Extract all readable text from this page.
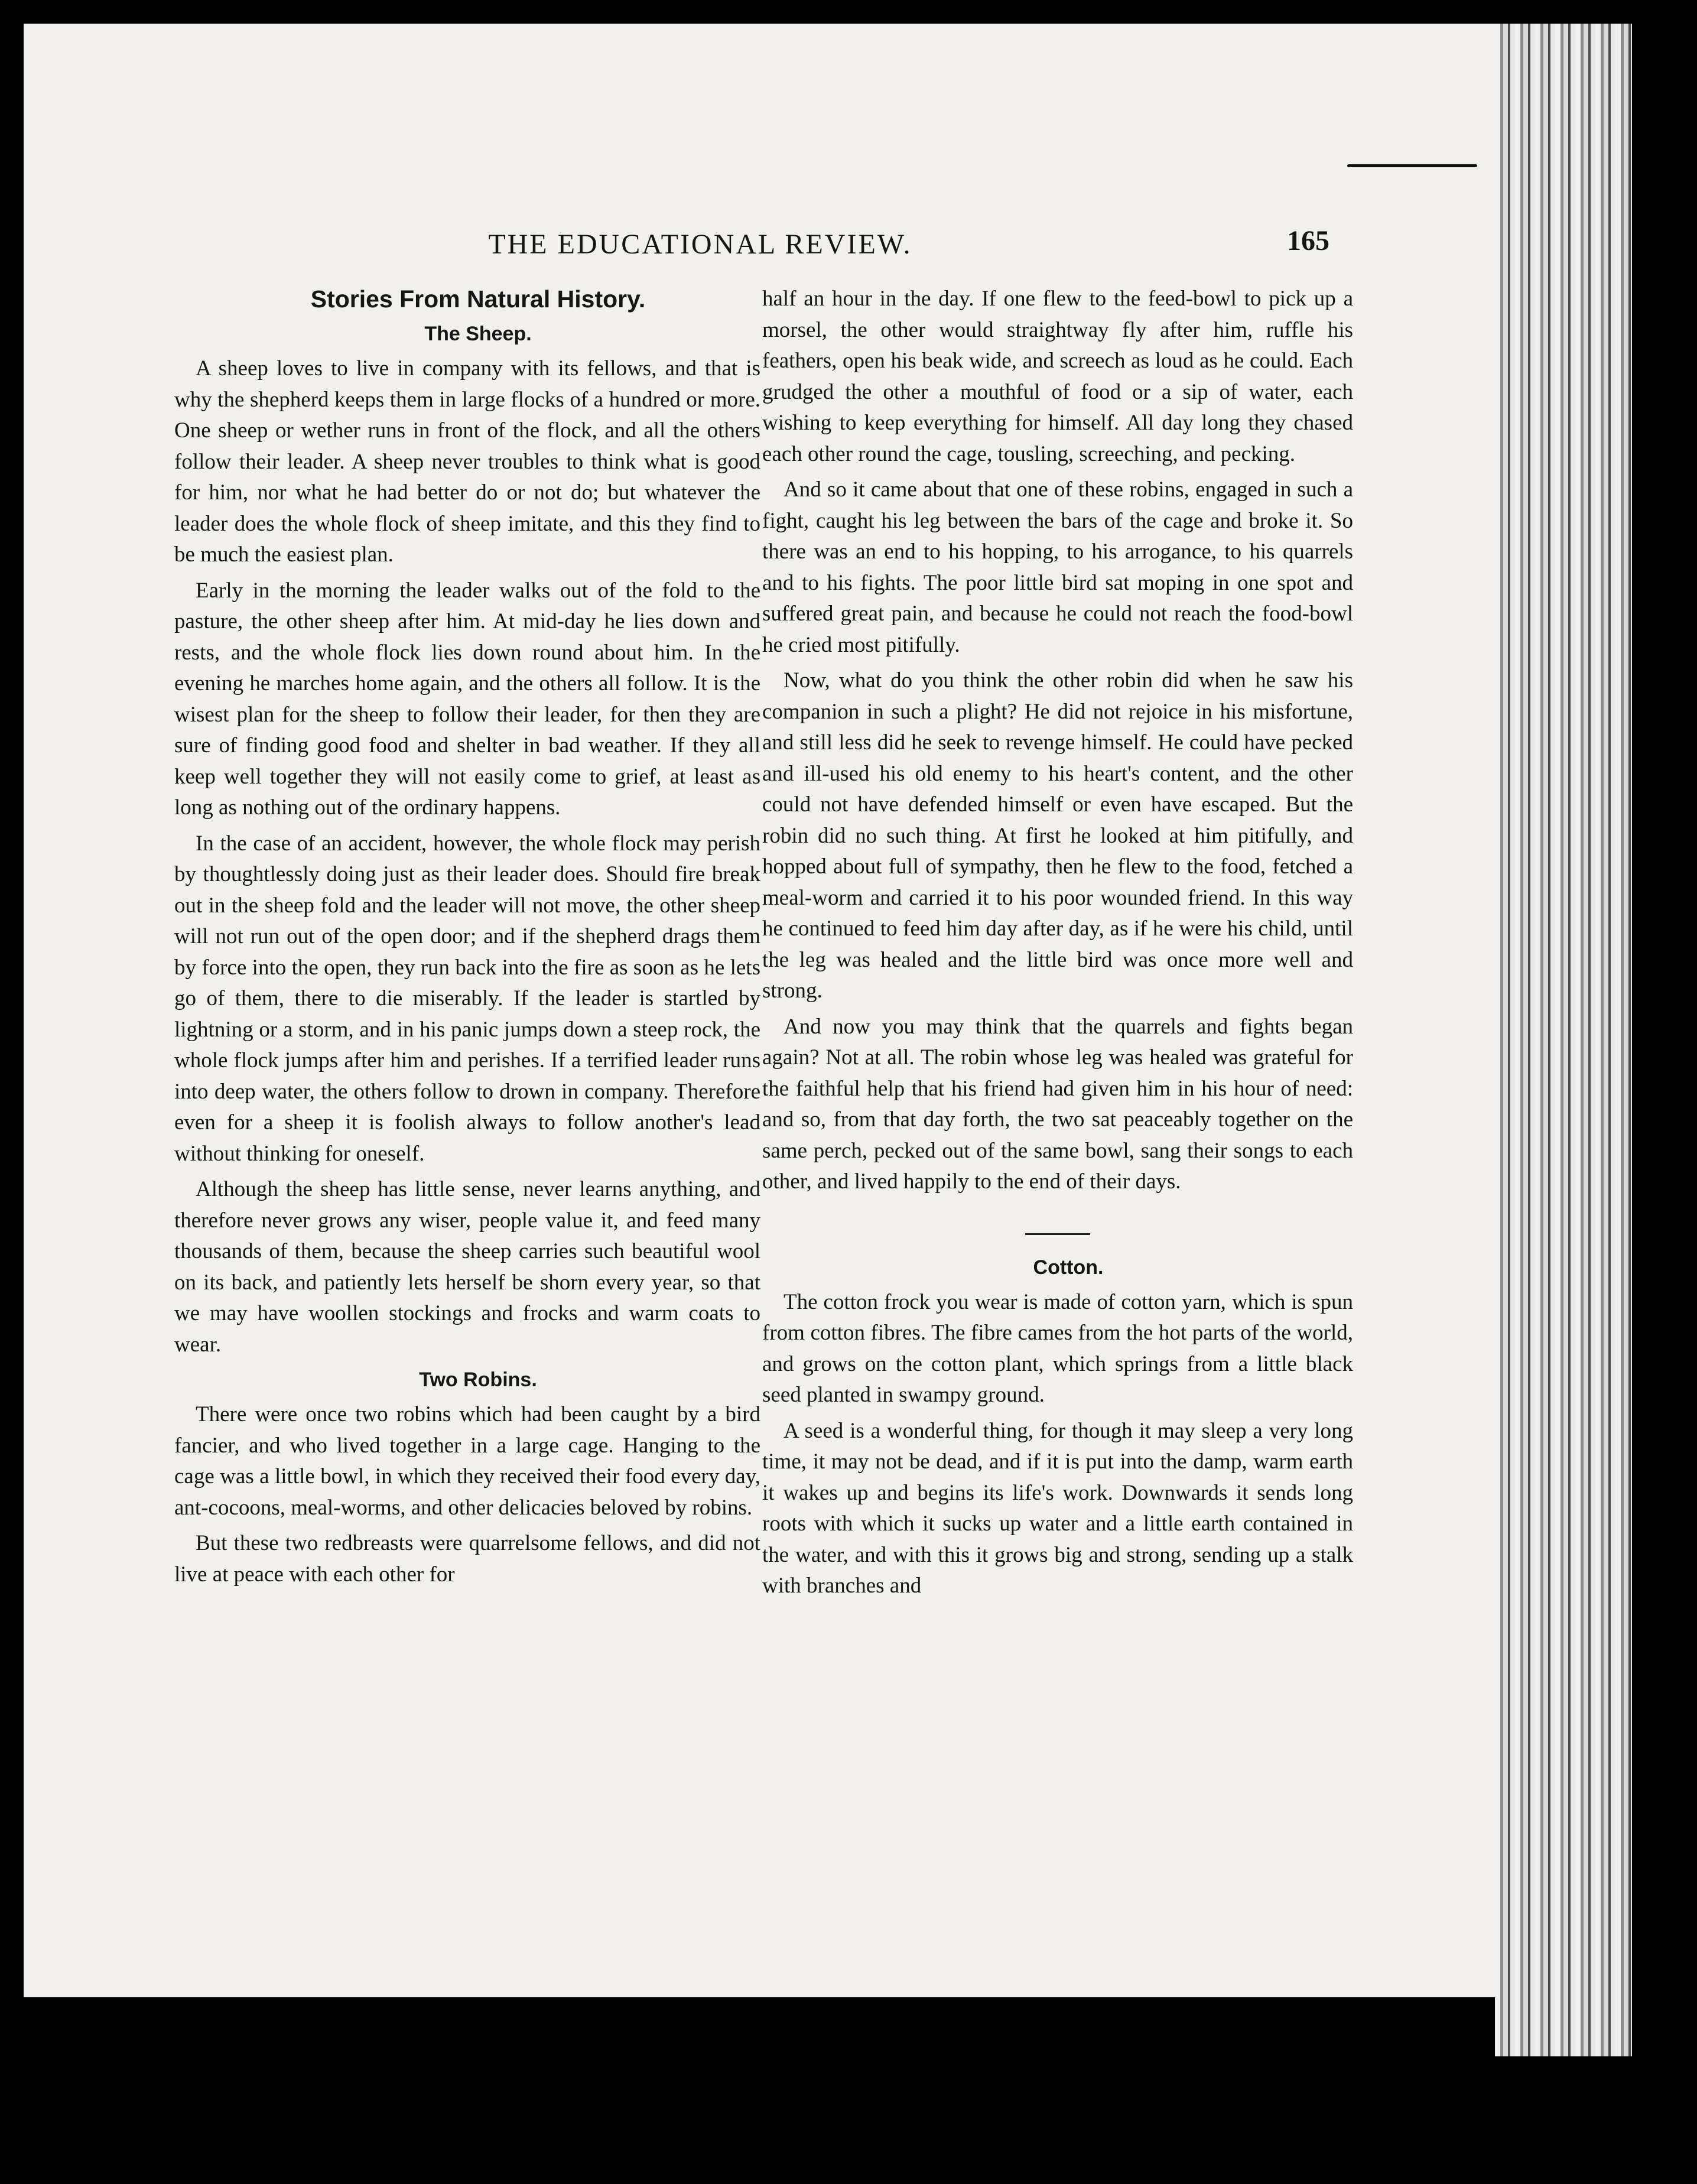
THE EDUCATIONAL REVIEW.	165

Stories From Natural History.

The Sheep.

A sheep loves to live in company with its fellows, and that is why the shepherd keeps them in large flocks of a hundred or more. One sheep or wether runs in front of the flock, and all the others follow their leader. A sheep never troubles to think what is good for him, nor what he had better do or not do; but whatever the leader does the whole flock of sheep imitate, and this they find to be much the easiest plan.

Early in the morning the leader walks out of the fold to the pasture, the other sheep after him. At mid-day he lies down and rests, and the whole flock lies down round about him. In the evening he marches home again, and the others all follow. It is the wisest plan for the sheep to follow their leader, for then they are sure of finding good food and shelter in bad weather. If they all keep well together they will not easily come to grief, at least as long as nothing out of the ordinary happens.

In the case of an accident, however, the whole flock may perish by thoughtlessly doing just as their leader does. Should fire break out in the sheep fold and the leader will not move, the other sheep will not run out of the open door; and if the shepherd drags them by force into the open, they run back into the fire as soon as he lets go of them, there to die miserably. If the leader is startled by lightning or a storm, and in his panic jumps down a steep rock, the whole flock jumps after him and perishes. If a terrified leader runs into deep water, the others follow to drown in company. Therefore even for a sheep it is foolish always to follow another's lead without thinking for oneself.

Although the sheep has little sense, never learns anything, and therefore never grows any wiser, people value it, and feed many thousands of them, because the sheep carries such beautiful wool on its back, and patiently lets herself be shorn every year, so that we may have woollen stockings and frocks and warm coats to wear.

Two Robins.

There were once two robins which had been caught by a bird fancier, and who lived together in a large cage. Hanging to the cage was a little bowl, in which they received their food every day, ant-cocoons, meal-worms, and other delicacies beloved by robins.

But these two redbreasts were quarrelsome fellows, and did not live at peace with each other for

half an hour in the day. If one flew to the feed-bowl to pick up a morsel, the other would straightway fly after him, ruffle his feathers, open his beak wide, and screech as loud as he could. Each grudged the other a mouthful of food or a sip of water, each wishing to keep everything for himself. All day long they chased each other round the cage, tousling, screeching, and pecking.

And so it came about that one of these robins, engaged in such a fight, caught his leg between the bars of the cage and broke it. So there was an end to his hopping, to his arrogance, to his quarrels and to his fights. The poor little bird sat moping in one spot and suffered great pain, and because he could not reach the food-bowl he cried most pitifully.

Now, what do you think the other robin did when he saw his companion in such a plight? He did not rejoice in his misfortune, and still less did he seek to revenge himself. He could have pecked and ill-used his old enemy to his heart's content, and the other could not have defended himself or even have escaped. But the robin did no such thing. At first he looked at him pitifully, and hopped about full of sympathy, then he flew to the food, fetched a meal-worm and carried it to his poor wounded friend. In this way he continued to feed him day after day, as if he were his child, until the leg was healed and the little bird was once more well and strong.

And now you may think that the quarrels and fights began again? Not at all. The robin whose leg was healed was grateful for the faithful help that his friend had given him in his hour of need: and so, from that day forth, the two sat peaceably together on the same perch, pecked out of the same bowl, sang their songs to each other, and lived happily to the end of their days.

Cotton.

The cotton frock you wear is made of cotton yarn, which is spun from cotton fibres. The fibre cames from the hot parts of the world, and grows on the cotton plant, which springs from a little black seed planted in swampy ground.

A seed is a wonderful thing, for though it may sleep a very long time, it may not be dead, and if it is put into the damp, warm earth it wakes up and begins its life's work. Downwards it sends long roots with which it sucks up water and a little earth contained in the water, and with this it grows big and strong, sending up a stalk with branches and
